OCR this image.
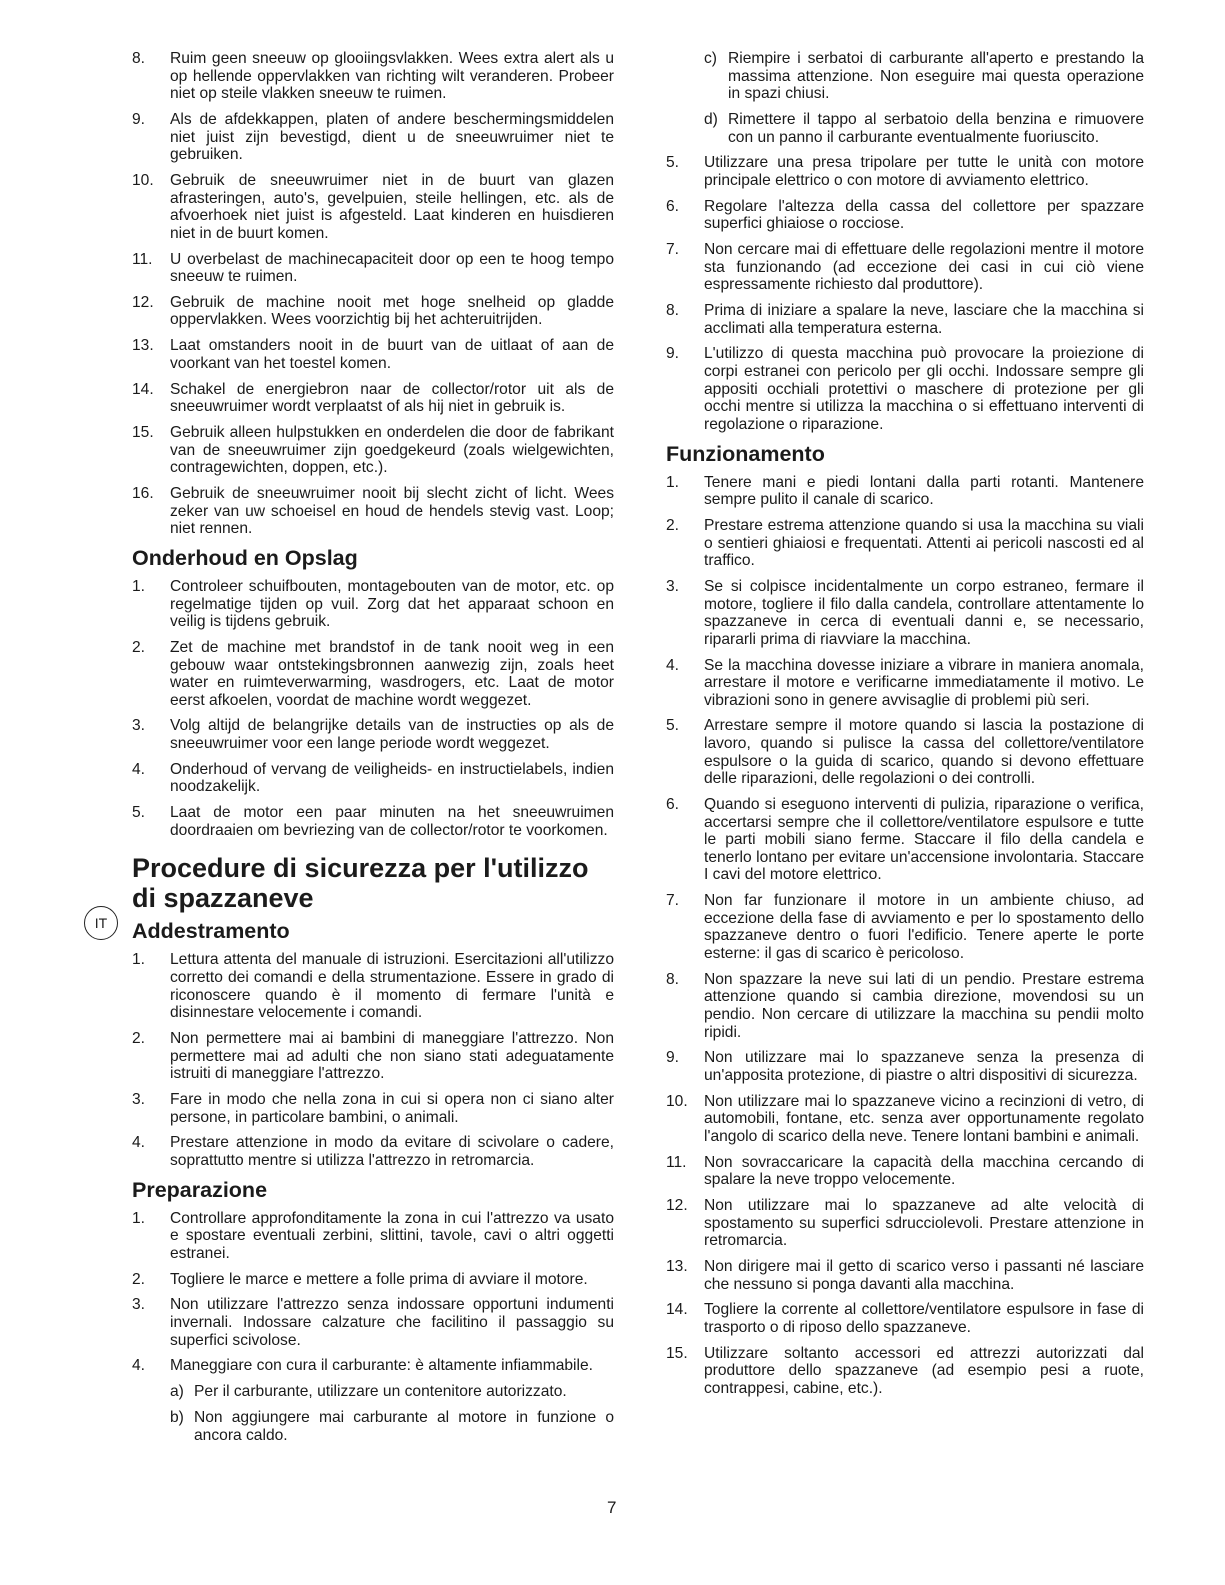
8.	Ruim geen sneeuw op glooiingsvlakken. Wees extra alert als u op hellende oppervlakken van richting wilt veranderen. Probeer niet op steile vlakken sneeuw te ruimen.
9.	Als de afdekkappen, platen of andere beschermingsmiddelen niet juist zijn bevestigd, dient u de sneeuwruimer niet te gebruiken.
10.	Gebruik de sneeuwruimer niet in de buurt van glazen afrasteringen, auto's, gevelpuien, steile hellingen, etc. als de afvoerhoek niet juist is afgesteld. Laat kinderen en huisdieren niet in de buurt komen.
11.	U overbelast de machinecapaciteit door op een te hoog tempo sneeuw te ruimen.
12.	Gebruik de machine nooit met hoge snelheid op gladde oppervlakken. Wees voorzichtig bij het achteruitrijden.
13.	Laat omstanders nooit in de buurt van de uitlaat of aan de voorkant van het toestel komen.
14.	Schakel de energiebron naar de collector/rotor uit als de sneeuwruimer wordt verplaatst of als hij niet in gebruik is.
15.	Gebruik alleen hulpstukken en onderdelen die door de fabrikant van de sneeuwruimer zijn goedgekeurd (zoals wielgewichten, contragewichten, doppen, etc.).
16.	Gebruik de sneeuwruimer nooit bij slecht zicht of licht. Wees zeker van uw schoeisel en houd de hendels stevig vast. Loop; niet rennen.
Onderhoud en Opslag
1.	Controleer schuifbouten, montagebouten van de motor, etc. op regelmatige tijden op vuil. Zorg dat het apparaat schoon en veilig is tijdens gebruik.
2.	Zet de machine met brandstof in de tank nooit weg in een gebouw waar ontstekingsbronnen aanwezig zijn, zoals heet water en ruimteverwarming, wasdrogers, etc. Laat de motor eerst afkoelen, voordat de machine wordt weggezet.
3.	Volg altijd de belangrijke details van de instructies op als de sneeuwruimer voor een lange periode wordt weggezet.
4.	Onderhoud of vervang de veiligheids- en instructielabels, indien noodzakelijk.
5.	Laat de motor een paar minuten na het sneeuwruimen doordraaien om bevriezing van de collector/rotor te voorkomen.
Procedure di sicurezza per l'utilizzo di spazzaneve
Addestramento
1.	Lettura attenta del manuale di istruzioni. Esercitazioni all'utilizzo corretto dei comandi e della strumentazione. Essere in grado di riconoscere quando è il momento di fermare l'unità e disinnestare velocemente i comandi.
2.	Non permettere mai ai bambini di maneggiare l'attrezzo. Non permettere mai ad adulti che non siano stati adeguatamente istruiti di maneggiare l'attrezzo.
3.	Fare in modo che nella zona in cui si opera non ci siano alter persone, in particolare bambini, o animali.
4.	Prestare attenzione in modo da evitare di scivolare o cadere, soprattutto mentre si utilizza l'attrezzo in retromarcia.
Preparazione
1.	Controllare approfonditamente la zona in cui l'attrezzo va usato e spostare eventuali zerbini, slittini, tavole, cavi o altri oggetti estranei.
2.	Togliere le marce e mettere a folle prima di avviare il motore.
3.	Non utilizzare l'attrezzo senza indossare opportuni indumenti invernali. Indossare calzature che facilitino il passaggio su superfici scivolose.
4.	Maneggiare con cura il carburante: è altamente infiammabile.
a) Per il carburante, utilizzare un contenitore autorizzato.
b) Non aggiungere mai carburante al motore in funzione o ancora caldo.
c) Riempire i serbatoi di carburante all'aperto e prestando la massima attenzione. Non eseguire mai questa operazione in spazi chiusi.
d) Rimettere il tappo al serbatoio della benzina e rimuovere con un panno il carburante eventualmente fuoriuscito.
5.	Utilizzare una presa tripolare per tutte le unità con motore principale elettrico o con motore di avviamento elettrico.
6.	Regolare l'altezza della cassa del collettore per spazzare superfici ghiaiose o rocciose.
7.	Non cercare mai di effettuare delle regolazioni mentre il motore sta funzionando (ad eccezione dei casi in cui ciò viene espressamente richiesto dal produttore).
8.	Prima di iniziare a spalare la neve, lasciare che la macchina si acclimati alla temperatura esterna.
9.	L'utilizzo di questa macchina può provocare la proiezione di corpi estranei con pericolo per gli occhi. Indossare sempre gli appositi occhiali protettivi o maschere di protezione per gli occhi mentre si utilizza la macchina o si effettuano interventi di regolazione o riparazione.
Funzionamento
1.	Tenere mani e piedi lontani dalla parti rotanti. Mantenere sempre pulito il canale di scarico.
2.	Prestare estrema attenzione quando si usa la macchina su viali o sentieri ghiaiosi e frequentati. Attenti ai pericoli nascosti ed al traffico.
3.	Se si colpisce incidentalmente un corpo estraneo, fermare il motore, togliere il filo dalla candela, controllare attentamente lo spazzaneve in cerca di eventuali danni e, se necessario, ripararli prima di riavviare la macchina.
4.	Se la macchina dovesse iniziare a vibrare in maniera anomala, arrestare il motore e verificarne immediatamente il motivo. Le vibrazioni sono in genere avvisaglie di problemi più seri.
5.	Arrestare sempre il motore quando si lascia la postazione di lavoro, quando si pulisce la cassa del collettore/ventilatore espulsore o la guida di scarico, quando si devono effettuare delle riparazioni, delle regolazioni o dei controlli.
6.	Quando si eseguono interventi di pulizia, riparazione o verifica, accertarsi sempre che il collettore/ventilatore espulsore e tutte le parti mobili siano ferme. Staccare il filo della candela e tenerlo lontano per evitare un'accensione involontaria. Staccare I cavi del motore elettrico.
7.	Non far funzionare il motore in un ambiente chiuso, ad eccezione della fase di avviamento e per lo spostamento dello spazzaneve dentro o fuori l'edificio. Tenere aperte le porte esterne: il gas di scarico è pericoloso.
8.	Non spazzare la neve sui lati di un pendio. Prestare estrema attenzione quando si cambia direzione, movendosi su un pendio. Non cercare di utilizzare la macchina su pendii molto ripidi.
9.	Non utilizzare mai lo spazzaneve senza la presenza di un'apposita protezione, di piastre o altri dispositivi di sicurezza.
10.	Non utilizzare mai lo spazzaneve vicino a recinzioni di vetro, di automobili, fontane, etc. senza aver opportunamente regolato l'angolo di scarico della neve. Tenere lontani bambini e animali.
11.	Non sovraccaricare la capacità della macchina cercando di spalare la neve troppo velocemente.
12.	Non utilizzare mai lo spazzaneve ad alte velocità di spostamento su superfici sdrucciolevoli. Prestare attenzione in retromarcia.
13.	Non dirigere mai il getto di scarico verso i passanti né lasciare che nessuno si ponga davanti alla macchina.
14.	Togliere la corrente al collettore/ventilatore espulsore in fase di trasporto o di riposo dello spazzaneve.
15.	Utilizzare soltanto accessori ed attrezzi autorizzati dal produttore dello spazzaneve (ad esempio pesi a ruote, contrappesi, cabine, etc.).
IT
7
